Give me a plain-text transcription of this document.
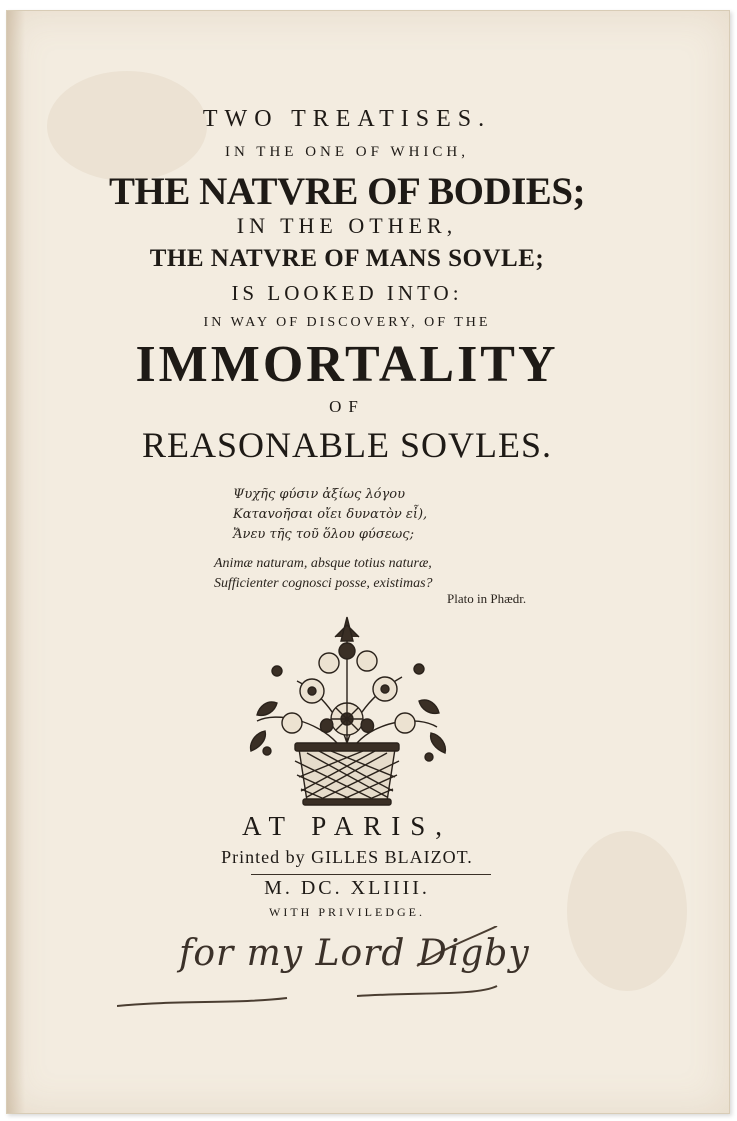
TWO TREATISES.
IN THE ONE OF WHICH,
THE NATVRE OF BODIES;
IN THE OTHER,
THE NATVRE OF MANS SOVLE;
IS LOOKED INTO:
IN WAY OF DISCOVERY, OF THE
IMMORTALITY
OF
REASONABLE SOVLES.
Ψυχῆς φύσιν ἀξίως λόγου
Καταvοῆσαι οἴει δυνατὸν εἶ),
Ἄνευ τῆς τοῦ ὅλου φύσεως;
Animæ naturam, absque totius naturæ,
Sufficienter cognosci posse, existimas?
Plato in Phædr.
AT PARIS,
Printed by GILLES BLAIZOT.
M. DC. XLIIII.
WITH PRIVILEDGE.
for my Lord Digby
